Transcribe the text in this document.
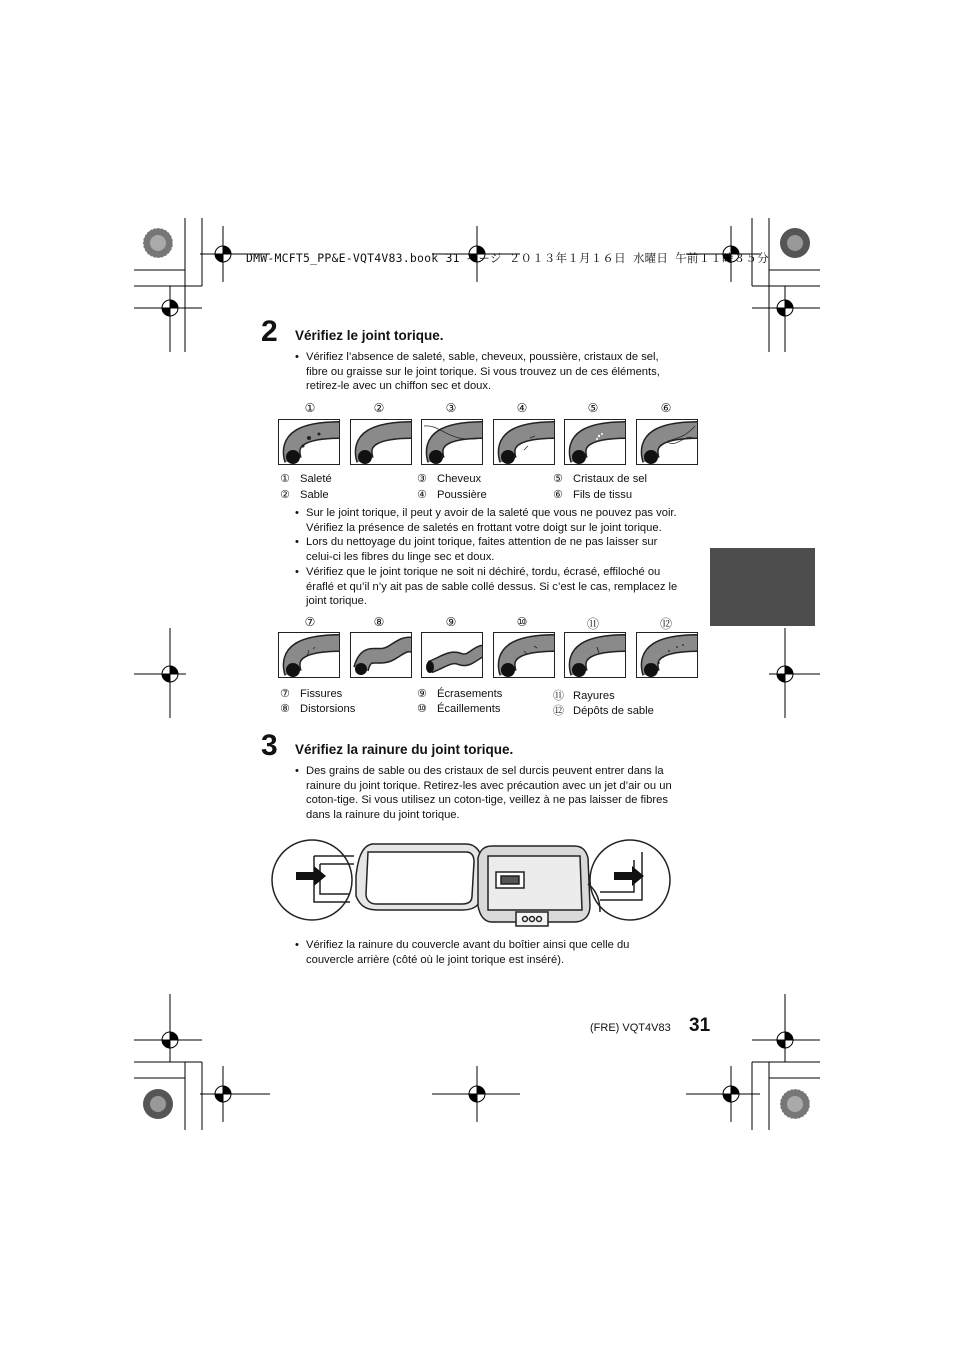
DMW-MCFT5_PP&E-VQT4V83.book 31 ページ ２０１３年１月１６日 水曜日 午前１１時３５分
2 Vérifiez le joint torique.
• Vérifiez l’absence de saleté, sable, cheveux, poussière, cristaux de sel,
fibre ou graisse sur le joint torique. Si vous trouvez un de ces éléments,
retirez-le avec un chiffon sec et doux.
①	②	③	④	⑤	⑥
① Saleté
② Sable
③ Cheveux
④ Poussière
⑤ Cristaux de sel
⑥ Fils de tissu
• Sur le joint torique, il peut y avoir de la saleté que vous ne pouvez pas voir.
Vérifiez la présence de saletés en frottant votre doigt sur le joint torique.
• Lors du nettoyage du joint torique, faites attention de ne pas laisser sur
celui-ci les fibres du linge sec et doux.
• Vérifiez que le joint torique ne soit ni déchiré, tordu, écrasé, effiloché ou
éraflé et qu’il n’y ait pas de sable collé dessus. Si c’est le cas, remplacez le
joint torique.
⑦	⑧	⑨	⑩	⑪	⑫
⑦ Fissures
⑧ Distorsions
⑨ Écrasements
⑩ Écaillements
⑪ Rayures
⑫ Dépôts de sable
3 Vérifiez la rainure du joint torique.
• Des grains de sable ou des cristaux de sel durcis peuvent entrer dans la
rainure du joint torique. Retirez-les avec précaution avec un jet d’air ou un
coton-tige. Si vous utilisez un coton-tige, veillez à ne pas laisser de fibres
dans la rainure du joint torique.
• Vérifiez la rainure du couvercle avant du boîtier ainsi que celle du
couvercle arrière (côté où le joint torique est inséré).
(FRE) VQT4V83 31
